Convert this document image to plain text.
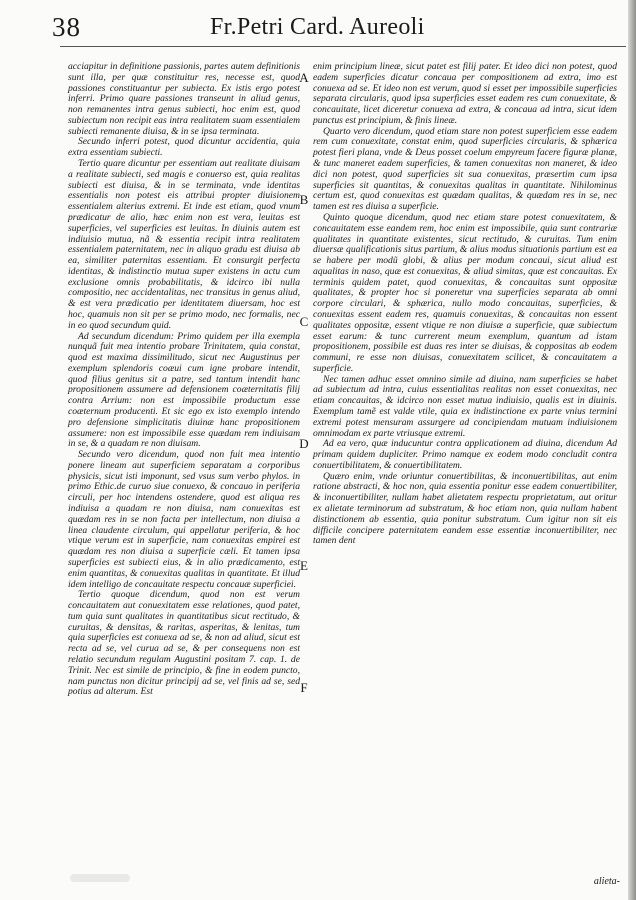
38	Fr.Petri Card. Aureoli

acciapitur in definitione passionis, partes autem definitionis sunt illa, per quæ constituitur res, necesse est, quod passiones constituantur per subiecta. Ex istis ergo potest inferri. Primo quare passiones transeunt in aliud genus, non remanentes intra genus subiecti, hoc enim est, quod subiectum non recipit eas intra realitatem suam essentialem subiecti remanente diuisa, & in se ipsa terminata.

Secundo inferri potest, quod dicuntur accidentia, quia extra essentiam subiecti.

Tertio quare dicuntur per essentiam aut realitate diuisam a realitate subiecti, sed magis e conuerso est, quia realitas subiecti est diuisa, & in se terminata, vnde identitas essentialis non potest eis attribui propter diuisionem essentialem alterius extremi. Et inde est etiam, quod vnum prædicatur de alio, hæc enim non est vera, leuitas est superficies, vel superficies est leuitas. In diuinis autem est indiuisio mutua, nã & essentia recipit intra realitatem essentialem paternitatem, nec in aliquo gradu est diuisa ab ea, similiter paternitas essentiam. Et consurgit perfecta identitas, & indistinctio mutua super existens in actu cum exclusione omnis probabilitatis, & idcirco ibi nulla compositio, nec accidentalitas, nec transitus in genus aliud, & est vera prædicatio per identitatem diuersam, hoc est hoc, quamuis non sit per se primo modo, nec formalis, nec in eo quod secundum quid.

Ad secundum dicendum: Primo quidem per illa exempla nunquã fuit mea intentio probare Trinitatem, quia constat, quod est maxima dissimilitudo, sicut nec Augustinus per exemplum splendoris coæui cum igne probare intendit, quod filius genitus sit a patre, sed tantum intendit hanc propositionem assumere ad defensionem coæternitatis filij contra Arrium: non est impossibile productum esse coæternum producenti. Et sic ego ex isto exemplo intendo pro defensione simplicitatis diuinæ hanc propositionem assumere: non est impossibile esse quædam rem indiuisam in se, & a quadam re non diuisam.

Secundo vero dicendum, quod non fuit mea intentio ponere lineam aut superficiem separatam a corporibus physicis, sicut isti imponunt, sed vsus sum verbo phylos. in primo Ethic.de curuo siue conuexo, & concauo in periferia circuli, per hoc intendens ostendere, quod est aliqua res indiuisa a quadam re non diuisa, nam conuexitas est quædam res in se non facta per intellectum, non diuisa a linea claudente circulum, qui appellatur periferia, & hoc vtique verum est in superficie, nam conuexitas empirei est quædam res non diuisa a superficie cæli. Et tamen ipsa superficies est subiecti eius, & in alio prædicamento, est enim quantitas, & conuexitas qualitas in quantitate. Et illud idem intelligo de concauitate respectu concauæ superficiei.

Tertio quoque dicendum, quod non est verum concauitatem aut conuexitatem esse relationes, quod patet, tum quia sunt qualitates in quantitatibus sicut rectitudo, & curuitas, & densitas, & raritas, asperitas, & lenitas, tum quia superficies est conuexa ad se, & non ad aliud, sicut est recta ad se, vel curua ad se, & per consequens non est relatio secundum regulam Augustini positam 7. cap. 1. de Trinit. Nec est simile de principio, & fine in eodem puncto, nam punctus non dicitur principij ad se, vel finis ad se, sed potius ad alterum. Est

A
B
C
D
E
F

enim principium lineæ, sicut patet est filij pater. Et ideo dici non potest, quod eadem superficies dicatur concaua per compositionem ad extra, imo est conuexa ad se. Et ideo non est verum, quod si esset per impossibile superficies separata circularis, quod ipsa superficies esset eadem res cum conuexitate, & concauitate, licet diceretur conuexa ad extra, & concaua ad intra, sicut idem punctus est principium, & finis lineæ.

Quarto vero dicendum, quod etiam stare non potest superficiem esse eadem rem cum conuexitate, constat enim, quod superficies circularis, & sphærica potest fieri plana, vnde & Deus posset coelum empyreum facere figuræ planæ, & tunc maneret eadem superficies, & tamen conuexitas non maneret, & ideo dici non potest, quod superficies sit sua conuexitas, præsertim cum ipsa superficies sit quantitas, & conuexitas qualitas in quantitate. Nihilominus certum est, quod conuexitas est quædam qualitas, & quædam res in se, nec tamen est res diuisa a superficie.

Quinto quoque dicendum, quod nec etiam stare potest conuexitatem, & concauitatem esse eandem rem, hoc enim est impossibile, quia sunt contrariæ qualitates in quantitate existentes, sicut rectitudo, & curuitas. Tum enim diuersæ qualificationis situs partium, & alius modus situationis partium est ea se habere per modũ globi, & alius per modum concaui, sicut aliud est aqualitas in naso, quæ est conuexitas, & aliud simitas, quæ est concauitas. Ex terminis quidem patet, quod conuexitas, & concauitas sunt oppositæ qualitates, & propter hoc si poneretur vna superficies separata ab omni corpore circulari, & sphærica, nullo modo concauitas, superficies, & conuexitas essent eadem res, quamuis conuexitas, & concauitas non essent qualitates oppositæ, essent vtique re non diuisæ a superficie, quæ subiectum esset earum: & tunc currerent meum exemplum, quantum ad istam propositionem, possibile est duas res inter se diuisas, & coppositas ab eodem communi, re esse non diuisas, conuexitatem scilicet, & concauitatem a superficie.

Nec tamen adhuc esset omnino simile ad diuina, nam superficies se habet ad subiectum ad intra, cuius essentialitas realitas non esset conuexitas, nec etiam concauitas, & idcirco non esset mutua indiuisio, qualis est in diuinis. Exemplum tamẽ est valde vtile, quia ex indistinctione ex parte vnius termini extremi potest mensuram assurgere ad concipiendam mutuam indiuisionem omnimodam ex parte vtriusque extremi.

Ad ea vero, quæ inducuntur contra applicationem ad diuina, dicendum Ad primam quidem dupliciter. Primo namque ex eodem modo concludit contra conuertibilitatem, & conuertibilitatem.

Quæro enim, vnde oriuntur conuertibilitas, & inconuertibilitas, aut enim ratione abstracti, & hoc non, quia essentia ponitur esse eadem conuertibiliter, & inconuertibiliter, nullam habet alietatem respectu proprietatum, aut oritur ex alietate terminorum ad substratum, & hoc etiam non, quia nullam habent distinctionem ab essentia, quia ponitur substratum. Cum igitur non sit eis difficile concipere paternitatem eandem esse essentiæ inconuertibiliter, nec tamen dent

alieta-
